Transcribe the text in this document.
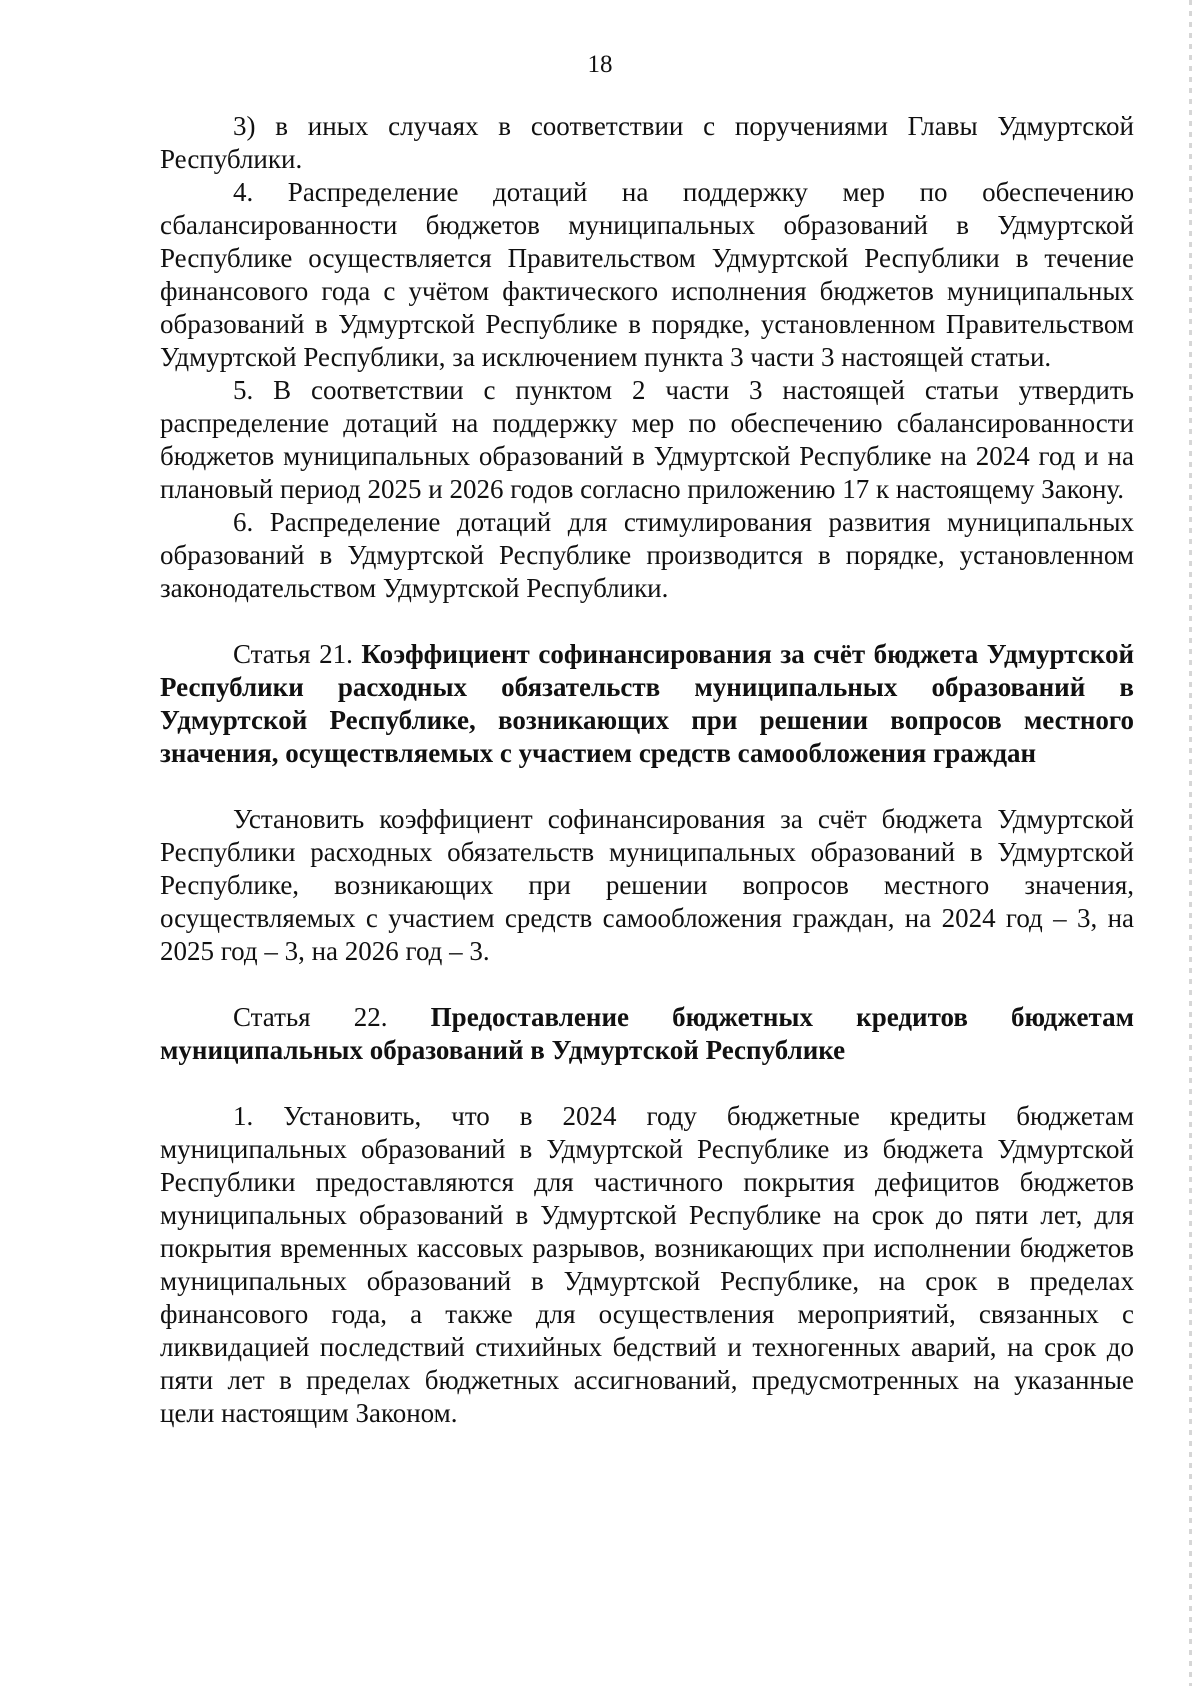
18

3) в иных случаях в соответствии с поручениями Главы Удмуртской Республики.

4. Распределение дотаций на поддержку мер по обеспечению сбалансированности бюджетов муниципальных образований в Удмуртской Республике осуществляется Правительством Удмуртской Республики в течение финансового года с учётом фактического исполнения бюджетов муниципальных образований в Удмуртской Республике в порядке, установленном Правительством Удмуртской Республики, за исключением пункта 3 части 3 настоящей статьи.

5. В соответствии с пунктом 2 части 3 настоящей статьи утвердить распределение дотаций на поддержку мер по обеспечению сбалансированности бюджетов муниципальных образований в Удмуртской Республике на 2024 год и на плановый период 2025 и 2026 годов согласно приложению 17 к настоящему Закону.

6. Распределение дотаций для стимулирования развития муниципальных образований в Удмуртской Республике производится в порядке, установленном законодательством Удмуртской Республики.

Статья 21. Коэффициент софинансирования за счёт бюджета Удмуртской Республики расходных обязательств муниципальных образований в Удмуртской Республике, возникающих при решении вопросов местного значения, осуществляемых с участием средств самообложения граждан

Установить коэффициент софинансирования за счёт бюджета Удмуртской Республики расходных обязательств муниципальных образований в Удмуртской Республике, возникающих при решении вопросов местного значения, осуществляемых с участием средств самообложения граждан, на 2024 год – 3, на 2025 год – 3, на 2026 год – 3.

Статья 22. Предоставление бюджетных кредитов бюджетам муниципальных образований в Удмуртской Республике

1. Установить, что в 2024 году бюджетные кредиты бюджетам муниципальных образований в Удмуртской Республике из бюджета Удмуртской Республики предоставляются для частичного покрытия дефицитов бюджетов муниципальных образований в Удмуртской Республике на срок до пяти лет, для покрытия временных кассовых разрывов, возникающих при исполнении бюджетов муниципальных образований в Удмуртской Республике, на срок в пределах финансового года, а также для осуществления мероприятий, связанных с ликвидацией последствий стихийных бедствий и техногенных аварий, на срок до пяти лет в пределах бюджетных ассигнований, предусмотренных на указанные цели настоящим Законом.
